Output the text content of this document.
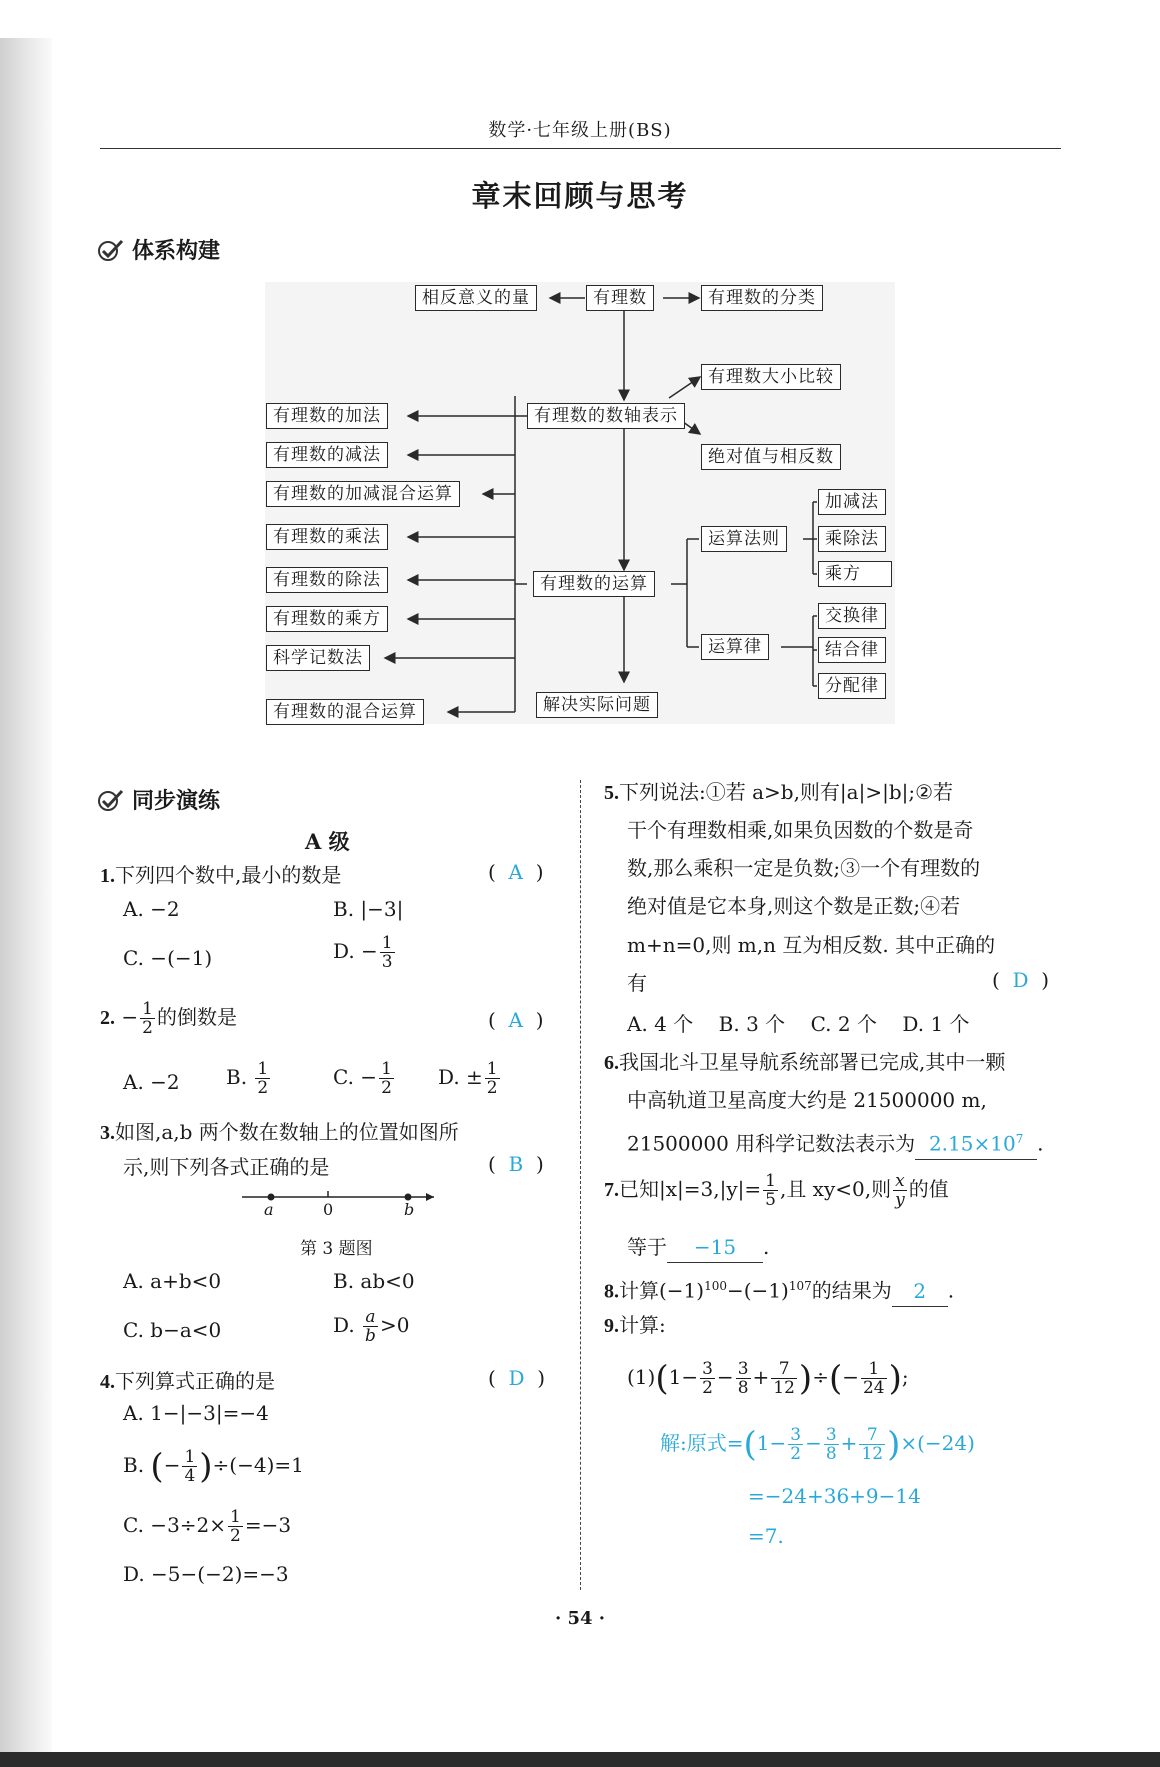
数学·七年级上册(BS)
章末回顾与思考
体系构建
相反意义的量	有理数	有理数的分类
有理数大小比较
有理数的数轴表示
绝对值与相反数
有理数的加法
有理数的减法
有理数的加减混合运算
有理数的乘法
有理数的除法
有理数的乘方
科学记数法
有理数的混合运算
有理数的运算
运算法则
加减法
乘除法
乘方
运算律
交换律
结合律
分配律
解决实际问题
同步演练
A 级
1.下列四个数中,最小的数是	(  A  )
A. −2	B. |−3|
C. −(−1)	D. − $\frac{1}{3}$
2. − $\frac{1}{2}$ 的倒数是	(  A  )
A. −2 B. $\frac{1}{2}$	C. − $\frac{1}{2} D$. ± $\frac{1}{2}$
3.如图,a,b 两个数在数轴上的位置如图所
示,则下列各式正确的是	(  B  )
a	0	b
第 3 题图
A. a+b<0	B. ab<0
C. b−a<0	D. $\frac{a}{b} >0$
4.下列算式正确的是	(  D  )
A. 1−|−3|=−4
B. (− $\frac{1}{4} )\div(-4)=1$
C. $-3\div 2\times \frac{1}{2} =-3$
D. −5−(−2)=−3
5.下列说法:①若 a>b,则有|a|>|b|;②若
干个有理数相乘,如果负因数的个数是奇
数,那么乘积一定是负数;③一个有理数的
绝对值是它本身,则这个数是正数;④若
m+n=0,则 m,n 互为相反数. 其中正确的
有	(  D  )
A. 4 个    B. 3 个    C. 2 个    D. 1 个
6.我国北斗卫星导航系统部署已完成,其中一颗
中高轨道卫星高度大约是 21500000 m,
21500000 用科学记数法表示为 $2.15\times 10^7$ .
7.已知$|x|=3,|y|= \frac{1}{5}$ ,且 xy<0,则 $\frac{x}{y}$ 的值
等于 −15 .
8.计算$(-1)^{100}-(-1)^{107}$的结果为 2 .
9.计算:
$(1)(1- \frac{3}{2} - \frac{3}{8} + \frac{7}{12}$ )÷(− $\frac{1}{24}$ );
解:原式$=(1- \frac{3}{2} - \frac{3}{8} + \frac{7}{12} )\times(-24)$
=−24+36+9−14
=7.
· 54 ·
